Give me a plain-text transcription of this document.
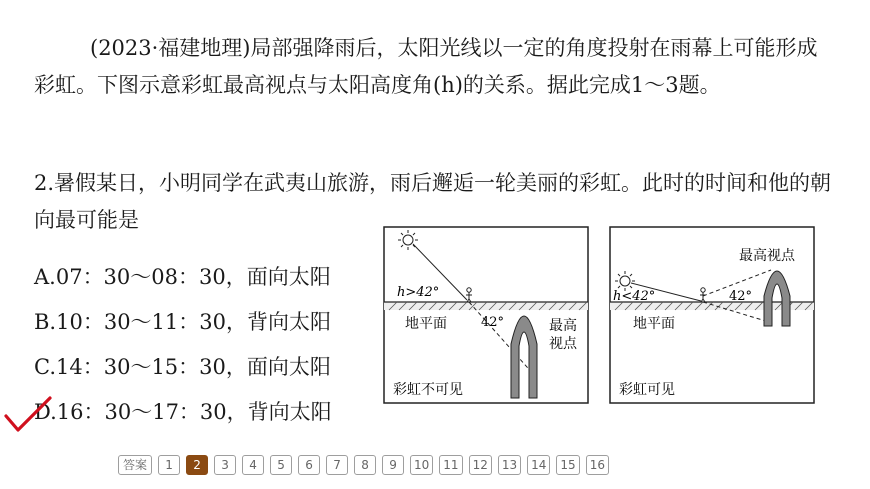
(2023·福建地理)局部强降雨后，太阳光线以一定的角度投射在雨幕上可能形成彩虹。下图示意彩虹最高视点与太阳高度角(h)的关系。据此完成1～3题。

2.暑假某日，小明同学在武夷山旅游，雨后邂逅一轮美丽的彩虹。此时的时间和他的朝向最可能是
A.07：30～08：30，面向太阳
B.10：30～11：30，背向太阳
C.14：30～15：30，面向太阳
D.16：30～17：30，背向太阳
h>42°
42°
地平面	最高
视点
彩虹不可见
h<42°	42°
地平面
最高视点
彩虹可见
答案	1	2	3	4	5	6	7	8	9	10	11	12	13	14	15	16
